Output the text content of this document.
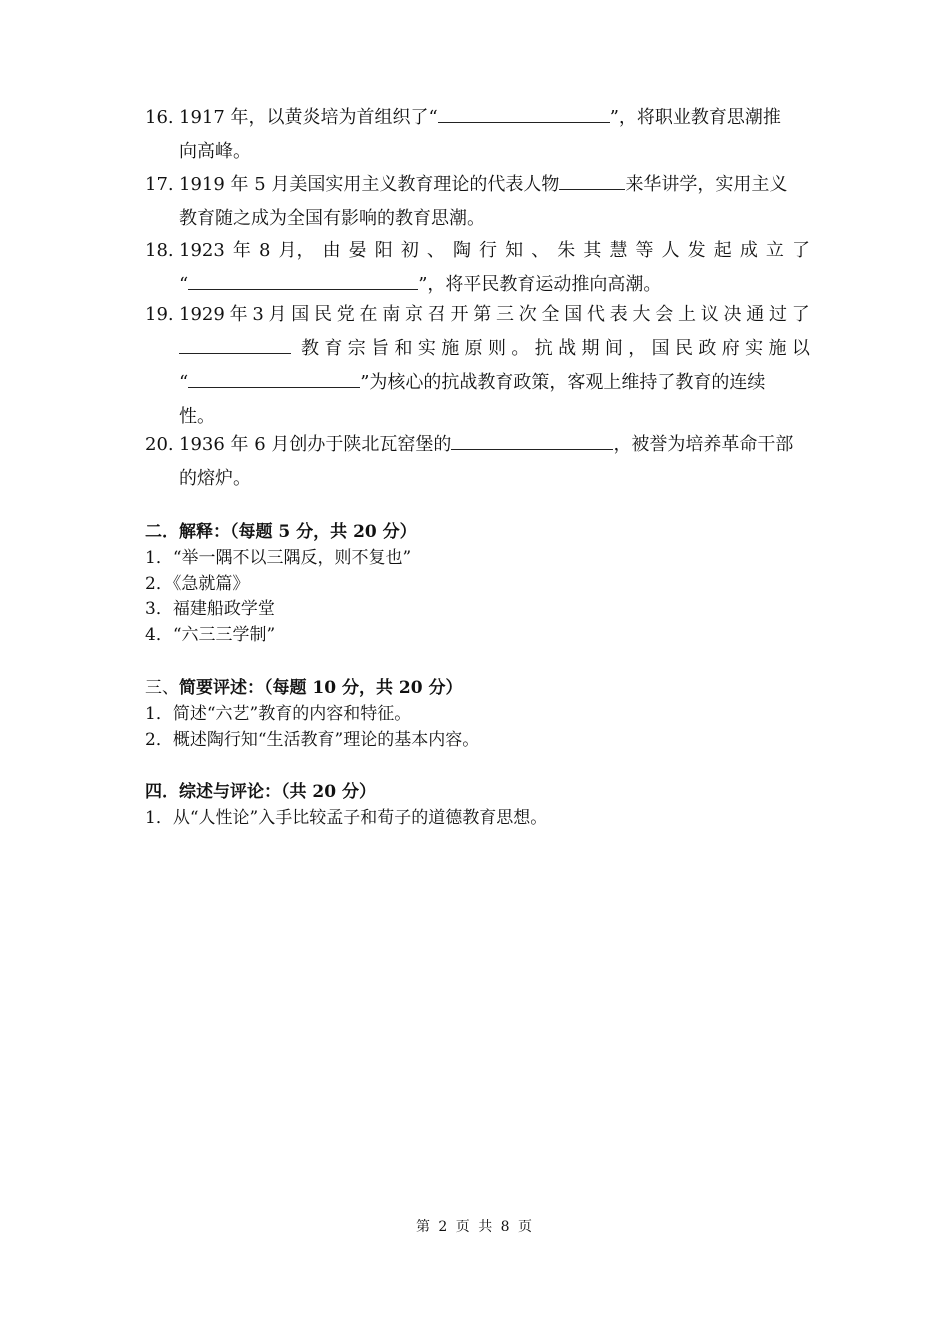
16. 1917 年，以黄炎培为首组织了“	”，将职业教育思潮推
向高峰。
17. 1919 年 5 月美国实用主义教育理论的代表人物	来华讲学，实用主义
教育随之成为全国有影响的教育思潮。
18. 1923 年 8 月， 由 晏 阳 初 、 陶 行 知 、 朱 其 慧 等 人 发 起 成 立 了
“	”，将平民教育运动推向高潮。
19. 1929 年 3 月 国 民 党 在 南 京 召 开 第 三 次 全 国 代 表 大 会 上 议 决 通 过 了
教 育 宗 旨 和 实 施 原 则 。 抗 战 期 间 ， 国 民 政 府 实 施 以
“	”为核心的抗战教育政策，客观上维持了教育的连续
性。
20. 1936 年 6 月创办于陕北瓦窑堡的	，被誉为培养革命干部
的熔炉。
二．解释：（每题 5 分，共 20 分）
1．“举一隅不以三隅反，则不复也”
2．《急就篇》
3．福建船政学堂
4．“六三三学制”
三、简要评述：（每题 10 分，共 20 分）
1．简述“六艺”教育的内容和特征。
2．概述陶行知“生活教育”理论的基本内容。
四．综述与评论：（共 20 分）
1．从“人性论”入手比较孟子和荀子的道德教育思想。
第 2 页 共 8 页
